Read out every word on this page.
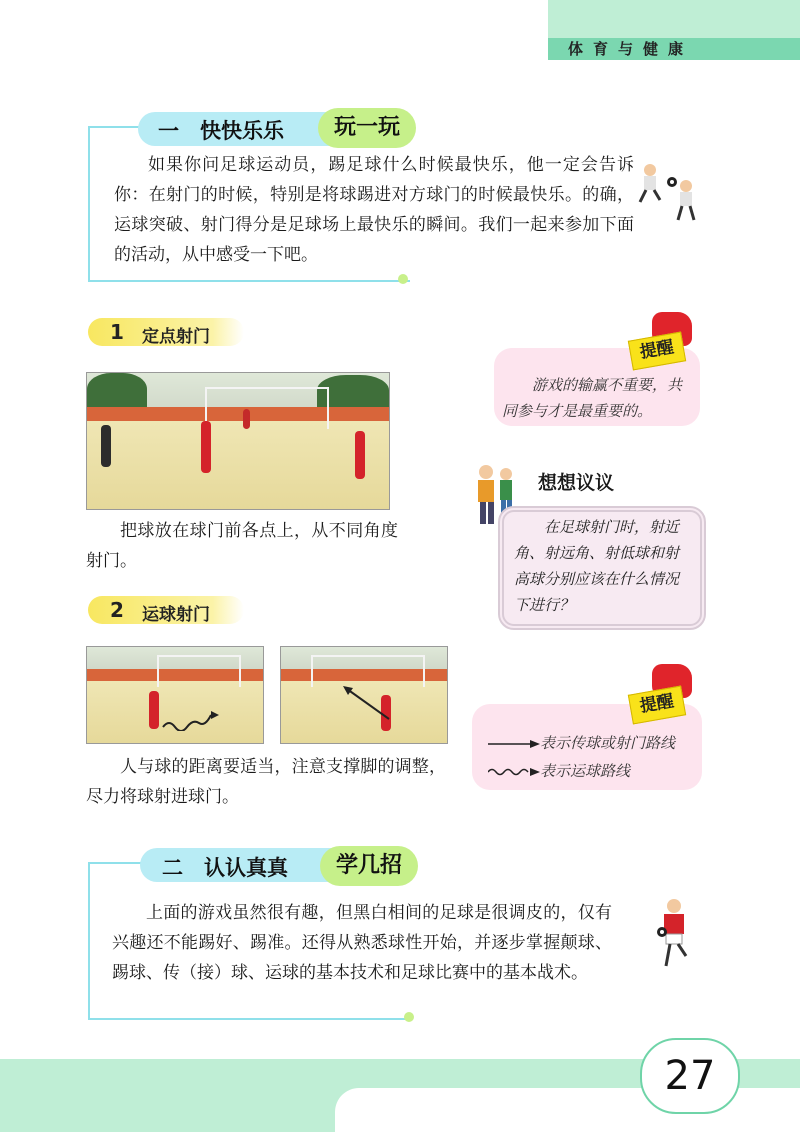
体育与健康
一　快快乐乐	玩一玩
如果你问足球运动员，踢足球什么时候最快乐，他一定会告诉你：在射门的时候，特别是将球踢进对方球门的时候最快乐。的确，运球突破、射门得分是足球场上最快乐的瞬间。我们一起来参加下面的活动，从中感受一下吧。
1 定点射门
把球放在球门前各点上，从不同角度射门。
2 运球射门
人与球的距离要适当，注意支撑脚的调整，尽力将球射进球门。
提醒
游戏的输赢不重要，共同参与才是最重要的。
想想议议
在足球射门时，射近角、射远角、射低球和射高球分别应该在什么情况下进行？
提醒
表示传球或射门路线
表示运球路线
二　认认真真	学几招
上面的游戏虽然很有趣，但黑白相间的足球是很调皮的，仅有兴趣还不能踢好、踢准。还得从熟悉球性开始，并逐步掌握颠球、踢球、传（接）球、运球的基本技术和足球比赛中的基本战术。
27
